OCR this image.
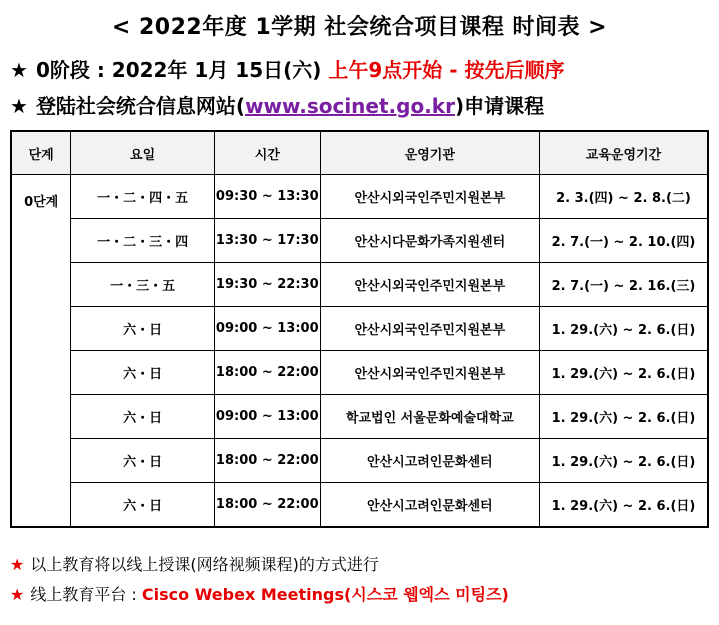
< 2022年度 1学期 社会统合项目课程 时间表 >
★ 0阶段 : 2022年 1月 15日(六) 上午9点开始 - 按先后顺序
★ 登陆社会统合信息网站(www.socinet.go.kr)申请课程
단계	요일	시간	운영기관	교육운영기간
0단계	一・二・四・五	09:30 ~ 13:30	안산시외국인주민지원본부	2. 3.(四) ~ 2. 8.(二)
	一・二・三・四	13:30 ~ 17:30	안산시다문화가족지원센터	2. 7.(一) ~ 2. 10.(四)
	一・三・五	19:30 ~ 22:30	안산시외국인주민지원본부	2. 7.(一) ~ 2. 16.(三)
	六・日	09:00 ~ 13:00	안산시외국인주민지원본부	1. 29.(六) ~ 2. 6.(日)
	六・日	18:00 ~ 22:00	안산시외국인주민지원본부	1. 29.(六) ~ 2. 6.(日)
	六・日	09:00 ~ 13:00	학교법인 서울문화예술대학교	1. 29.(六) ~ 2. 6.(日)
	六・日	18:00 ~ 22:00	안산시고려인문화센터	1. 29.(六) ~ 2. 6.(日)
	六・日	18:00 ~ 22:00	안산시고려인문화센터	1. 29.(六) ~ 2. 6.(日)
★ 以上教育将以线上授课(网络视频课程)的方式进行
★ 线上教育平台 : Cisco Webex Meetings(시스코 웹엑스 미팅즈)
